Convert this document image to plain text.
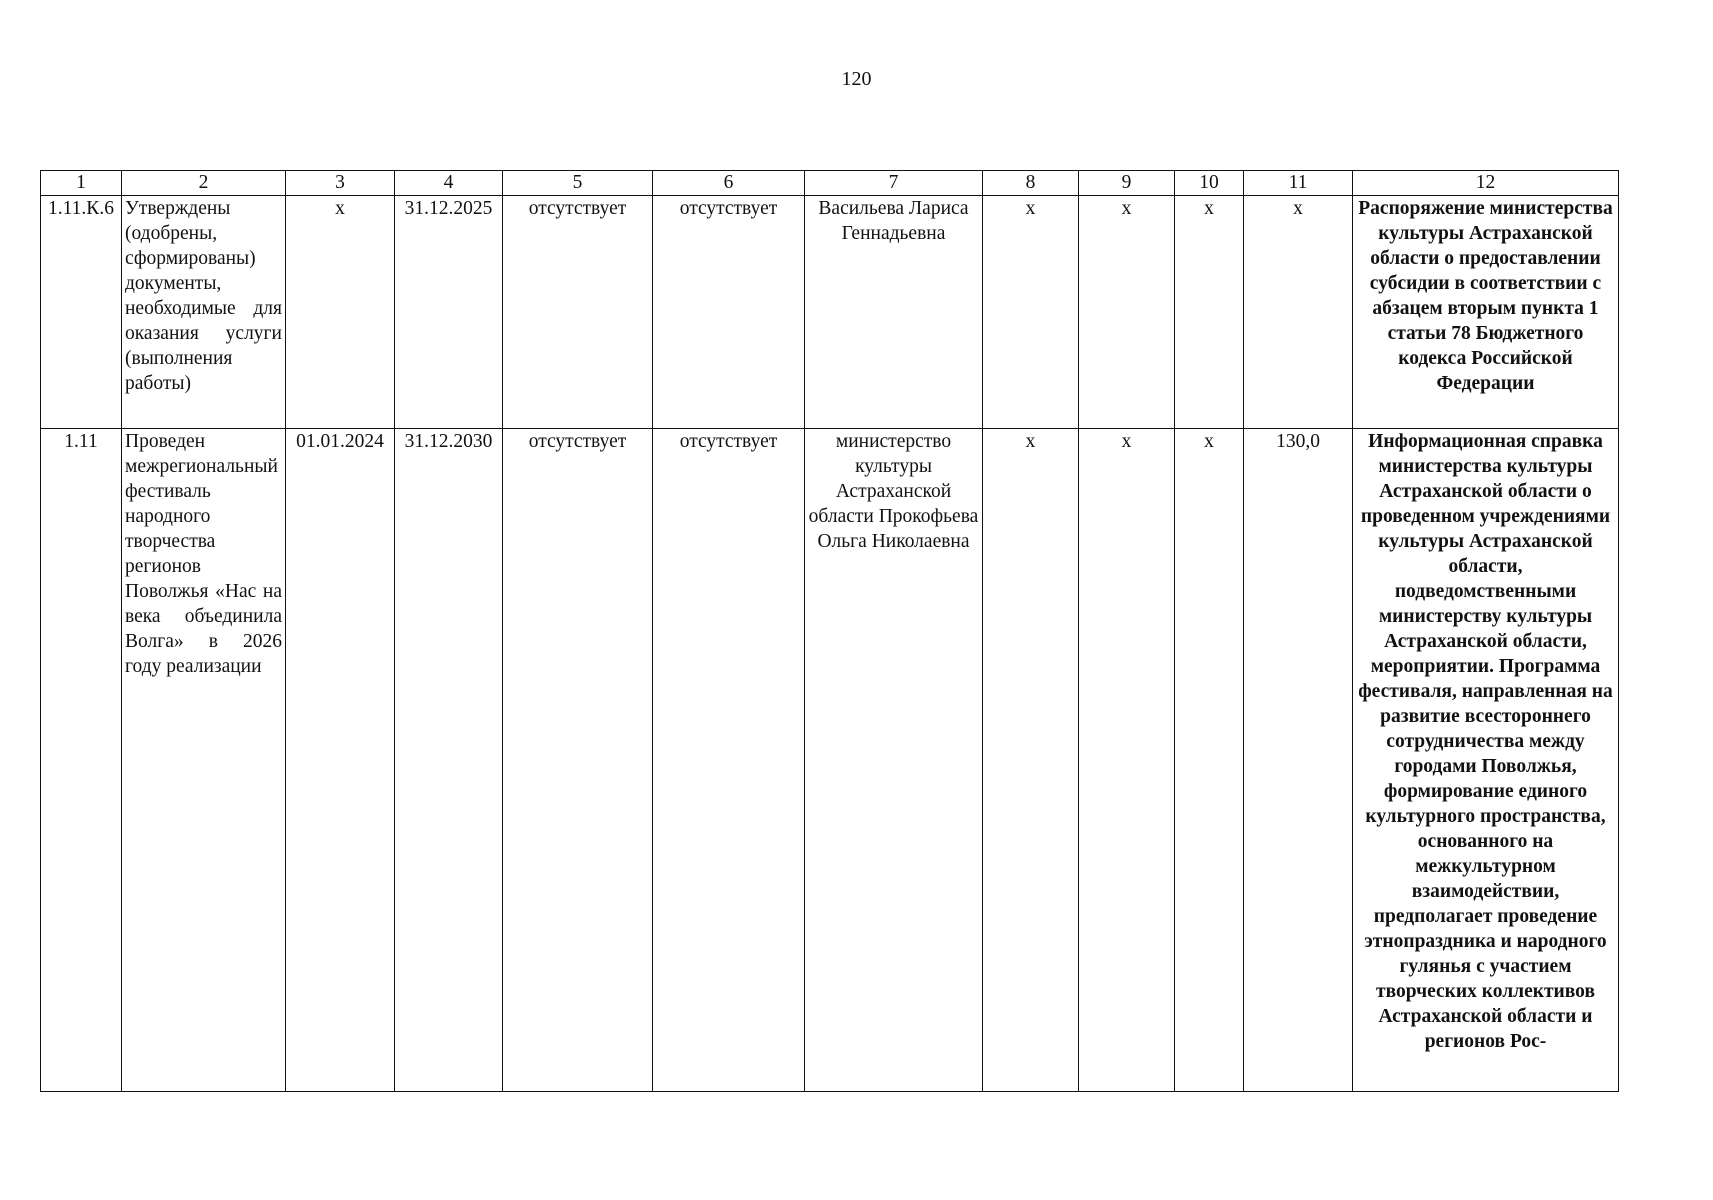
120
1	2	3	4	5	6	7	8	9	10	11	12
1.11.К.6	Утверждены (одобрены, сформированы) документы, необходимые для оказания услуги (выполнения работы)	x	31.12.2025	отсутствует	отсутствует	Васильева Лариса Геннадьевна	x	x	x	x	Распоряжение министерства культуры Астраханской области о предоставлении субсидии в соответствии с абзацем вторым пункта 1 статьи 78 Бюджетного кодекса Российской Федерации
1.11	Проведен межрегиональный фестиваль народного творчества регионов Поволжья «Нас на века объединила Волга» в 2026 году реализации	01.01.2024	31.12.2030	отсутствует	отсутствует	министерство культуры Астраханской области Прокофьева Ольга Николаевна	x	x	x	130,0	Информационная справка министерства культуры Астраханской области о проведенном учреждениями культуры Астраханской области, подведомственными министерству культуры Астраханской области, мероприятии. Программа фестиваля, направленная на развитие всестороннего сотрудничества между городами Поволжья, формирование единого культурного пространства, основанного на межкультурном взаимодействии, предполагает проведение этнопраздника и народного гулянья с участием творческих коллективов Астраханской области и регионов Рос-
